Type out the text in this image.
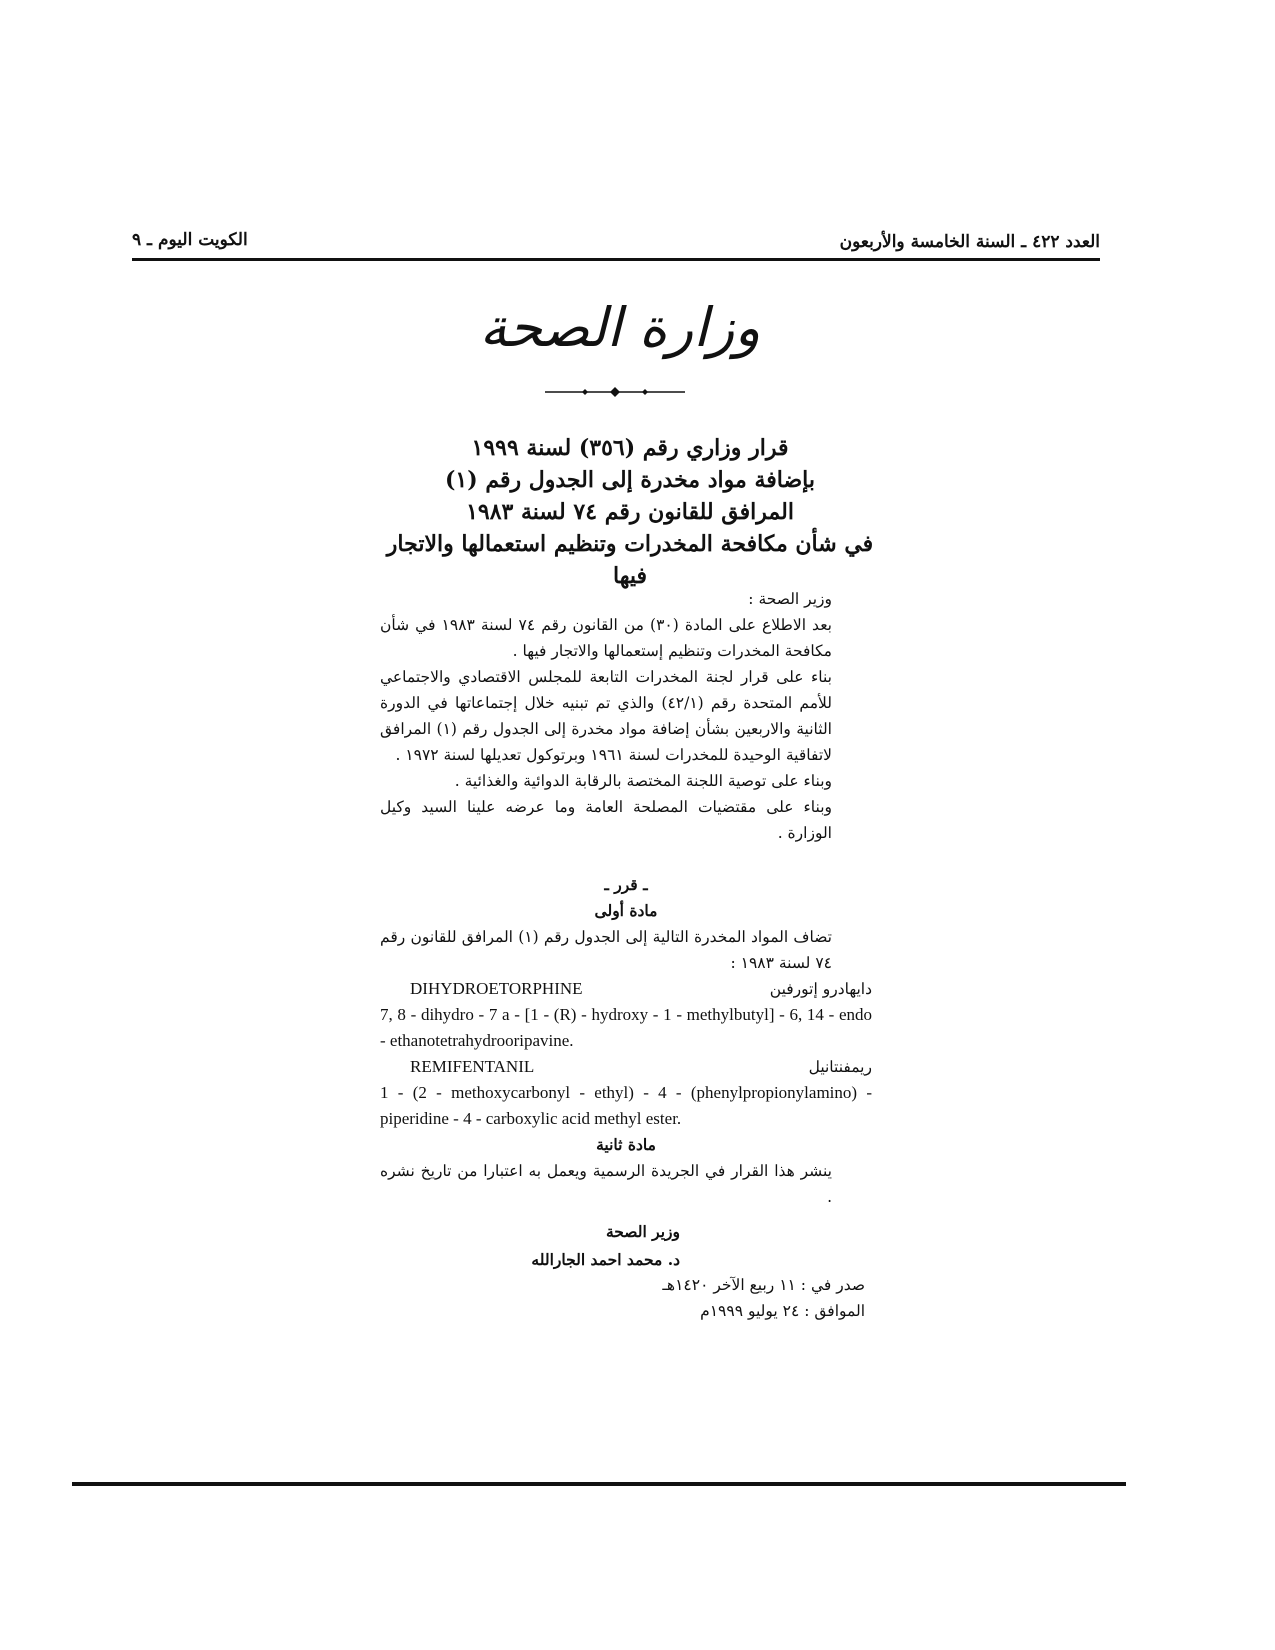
الكويت اليوم ـ ٩	العدد ٤٢٢ ـ السنة الخامسة والأربعون
وزارة الصحة
قرار وزاري رقم (٣٥٦) لسنة ١٩٩٩
بإضافة مواد مخدرة إلى الجدول رقم (١)
المرافق للقانون رقم ٧٤ لسنة ١٩٨٣
في شأن مكافحة المخدرات وتنظيم استعمالها والاتجار فيها

وزير الصحة :

بعد الاطلاع على المادة (٣٠) من القانون رقم ٧٤ لسنة ١٩٨٣ في شأن مكافحة المخدرات وتنظيم إستعمالها والاتجار فيها .

بناء على قرار لجنة المخدرات التابعة للمجلس الاقتصادي والاجتماعي للأمم المتحدة رقم (٤٢/١) والذي تم تبنيه خلال إجتماعاتها في الدورة الثانية والاربعين بشأن إضافة مواد مخدرة إلى الجدول رقم (١) المرافق لاتفاقية الوحيدة للمخدرات لسنة ١٩٦١ وبرتوكول تعديلها لسنة ١٩٧٢ .

وبناء على توصية اللجنة المختصة بالرقابة الدوائية والغذائية .

وبناء على مقتضيات المصلحة العامة وما عرضه علينا السيد وكيل الوزارة .

ـ قرر ـ

مادة أولى

تضاف المواد المخدرة التالية إلى الجدول رقم (١) المرافق للقانون رقم ٧٤ لسنة ١٩٨٣ :

DIHYDROETORPHINE	دايهادرو إتورفين

7, 8 - dihydro - 7 a - [1 - (R) - hydroxy - 1 - methylbutyl] - 6, 14 - endo - ethanotetrahydrooripavine.

REMIFENTANIL	ريمفنتانيل

1 - (2 - methoxycarbonyl - ethyl) - 4 - (phenylpropionylamino) - piperidine - 4 - carboxylic acid methyl ester.

مادة ثانية

ينشر هذا القرار في الجريدة الرسمية ويعمل به اعتبارا من تاريخ نشره .

وزير الصحة
د. محمد احمد الجارالله
صدر في : ١١ ربيع الآخر ١٤٢٠هـ
الموافق : ٢٤ يوليو ١٩٩٩م
